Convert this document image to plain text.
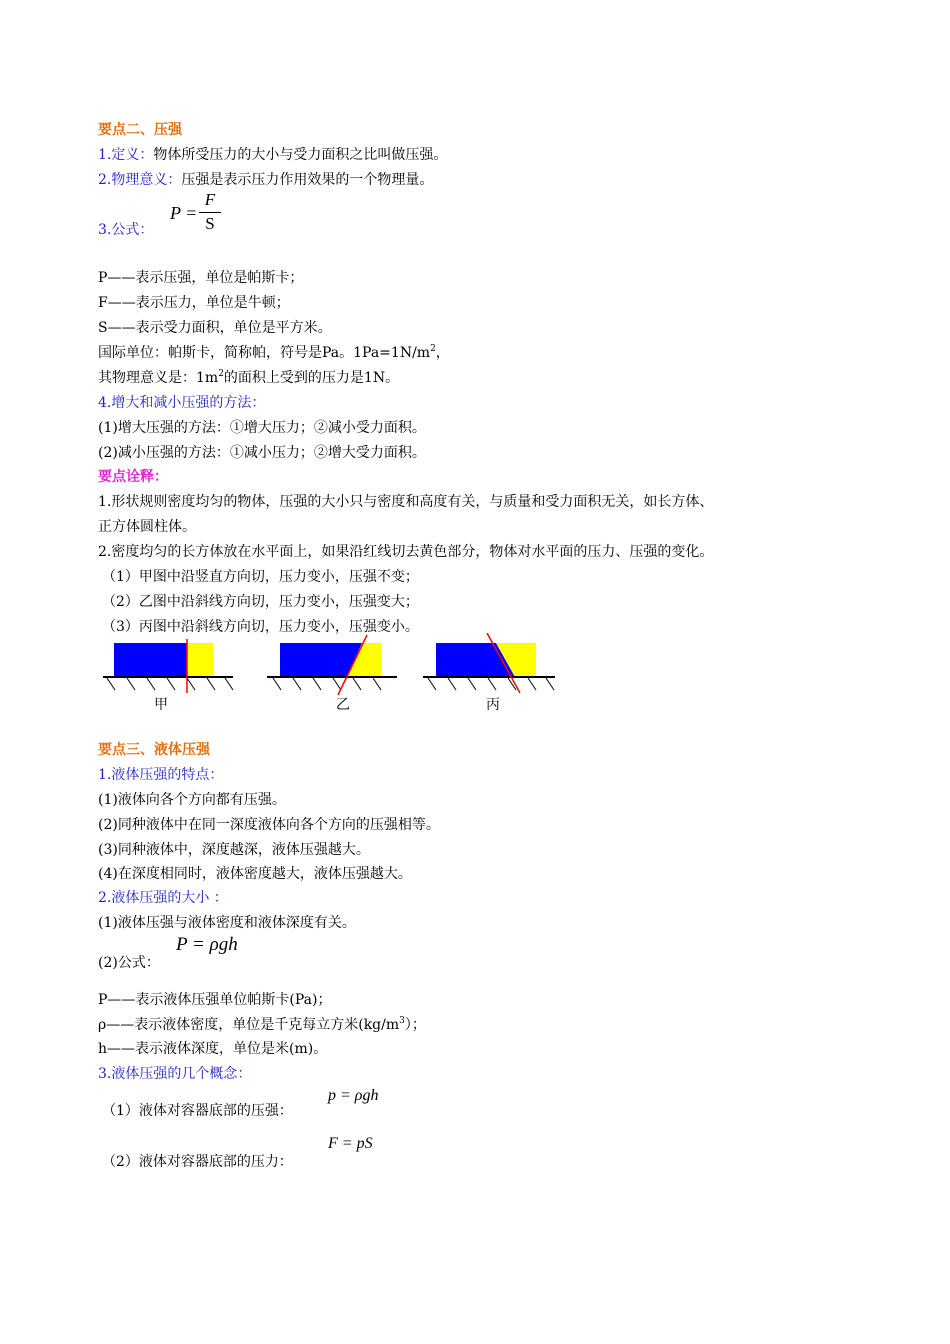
要点二、压强
1.定义：物体所受压力的大小与受力面积之比叫做压强。
2.物理意义：压强是表示压力作用效果的一个物理量。
3.公式：
P =
F
S
P——表示压强，单位是帕斯卡；
F——表示压力，单位是牛顿；
S——表示受力面积，单位是平方米。
国际单位：帕斯卡，简称帕，符号是Pa。$1Pa=1N/m^2$，
其物理意义是：$1m^2$的面积上受到的压力是1N。
4.增大和减小压强的方法：
(1)增大压强的方法：①增大压力；②减小受力面积。
(2)减小压强的方法：①减小压力；②增大受力面积。
要点诠释：
1.形状规则密度均匀的物体，压强的大小只与密度和高度有关，与质量和受力面积无关，如长方体、
正方体圆柱体。
2.密度均匀的长方体放在水平面上，如果沿红线切去黄色部分，物体对水平面的压力、压强的变化。
（1）甲图中沿竖直方向切，压力变小，压强不变；
（2）乙图中沿斜线方向切，压力变小，压强变大；
（3）丙图中沿斜线方向切，压力变小，压强变小。
甲	乙	丙
要点三、液体压强
1.液体压强的特点：
(1)液体向各个方向都有压强。
(2)同种液体中在同一深度液体向各个方向的压强相等。
(3)同种液体中，深度越深，液体压强越大。
(4)在深度相同时，液体密度越大，液体压强越大。
2.液体压强的大小 ：
(1)液体压强与液体密度和液体深度有关。
P = ρgh
(2)公式：
P——表示液体压强单位帕斯卡(Pa)；
ρ——表示液体密度，单位是千克每立方米$(kg/m^3)$；
h——表示液体深度，单位是米(m)。
3.液体压强的几个概念：
p = ρgh
（1）液体对容器底部的压强：
F = pS
（2）液体对容器底部的压力：
